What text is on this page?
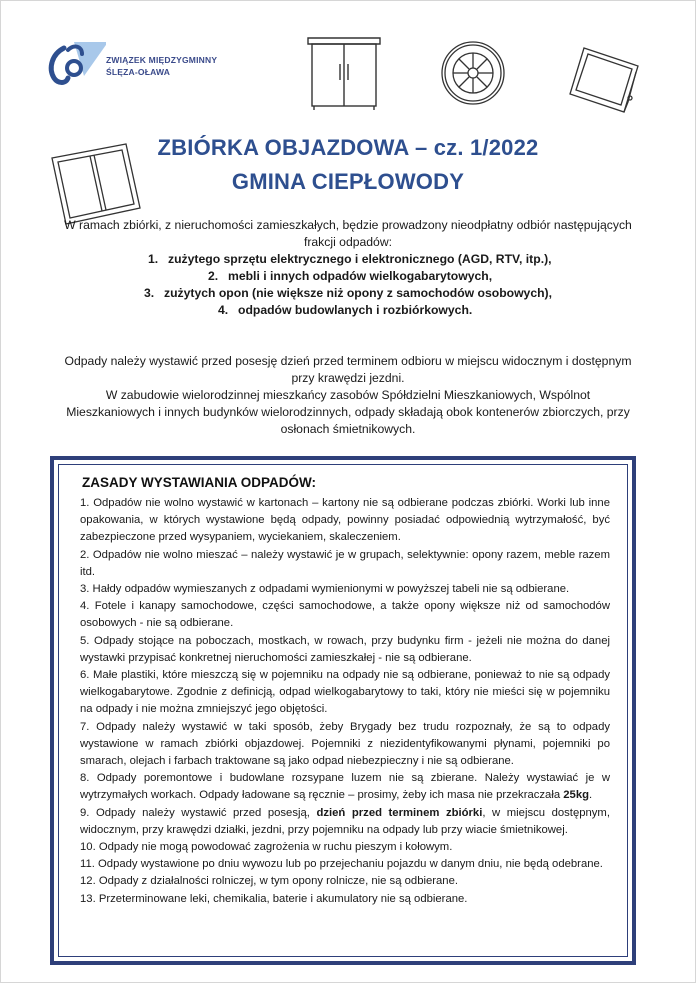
ZWIĄZEK MIĘDZYGMINNY
ŚLĘZA-OŁAWA
ZBIÓRKA OBJAZDOWA – cz. 1/2022
GMINA CIEPŁOWODY
W ramach zbiórki, z nieruchomości zamieszkałych, będzie prowadzony nieodpłatny odbiór następujących frakcji odpadów:
1. zużytego sprzętu elektrycznego i elektronicznego (AGD, RTV, itp.),
2. mebli i innych odpadów wielkogabarytowych,
3. zużytych opon (nie większe niż opony z samochodów osobowych),
4. odpadów budowlanych i rozbiórkowych.
Odpady należy wystawić przed posesję dzień przed terminem odbioru w miejscu widocznym i dostępnym przy krawędzi jezdni.
W zabudowie wielorodzinnej mieszkańcy zasobów Spółdzielni Mieszkaniowych, Wspólnot Mieszkaniowych i innych budynków wielorodzinnych, odpady składają obok kontenerów zbiorczych, przy osłonach śmietnikowych.
ZASADY WYSTAWIANIA ODPADÓW:

1. Odpadów nie wolno wystawić w kartonach – kartony nie są odbierane podczas zbiórki. Worki lub inne opakowania, w których wystawione będą odpady, powinny posiadać odpowiednią wytrzymałość, być zabezpieczone przed wysypaniem, wyciekaniem, skaleczeniem.

2. Odpadów nie wolno mieszać – należy wystawić je w grupach, selektywnie: opony razem, meble razem itd.

3. Hałdy odpadów wymieszanych z odpadami wymienionymi w powyższej tabeli nie są odbierane.

4. Fotele i kanapy samochodowe, części samochodowe, a także opony większe niż od samochodów osobowych - nie są odbierane.

5. Odpady stojące na poboczach, mostkach, w rowach, przy budynku firm - jeżeli nie można do danej wystawki przypisać konkretnej nieruchomości zamieszkałej - nie są odbierane.

6. Małe plastiki, które mieszczą się w pojemniku na odpady nie są odbierane, ponieważ to nie są odpady wielkogabarytowe. Zgodnie z definicją, odpad wielkogabarytowy to taki, który nie mieści się w pojemniku na odpady i nie można zmniejszyć jego objętości.

7. Odpady należy wystawić w taki sposób, żeby Brygady bez trudu rozpoznały, że są to odpady wystawione w ramach zbiórki objazdowej. Pojemniki z niezidentyfikowanymi płynami, pojemniki po smarach, olejach i farbach traktowane są jako odpad niebezpieczny i nie są odbierane.

8. Odpady poremontowe i budowlane rozsypane luzem nie są zbierane. Należy wystawiać je w wytrzymałych workach. Odpady ładowane są ręcznie – prosimy, żeby ich masa nie przekraczała 25kg.

9. Odpady należy wystawić przed posesją, dzień przed terminem zbiórki, w miejscu dostępnym, widocznym, przy krawędzi działki, jezdni, przy pojemniku na odpady lub przy wiacie śmietnikowej.

10. Odpady nie mogą powodować zagrożenia w ruchu pieszym i kołowym.

11. Odpady wystawione po dniu wywozu lub po przejechaniu pojazdu w danym dniu, nie będą odebrane.

12. Odpady z działalności rolniczej, w tym opony rolnicze, nie są odbierane.

13. Przeterminowane leki, chemikalia, baterie i akumulatory nie są odbierane.
